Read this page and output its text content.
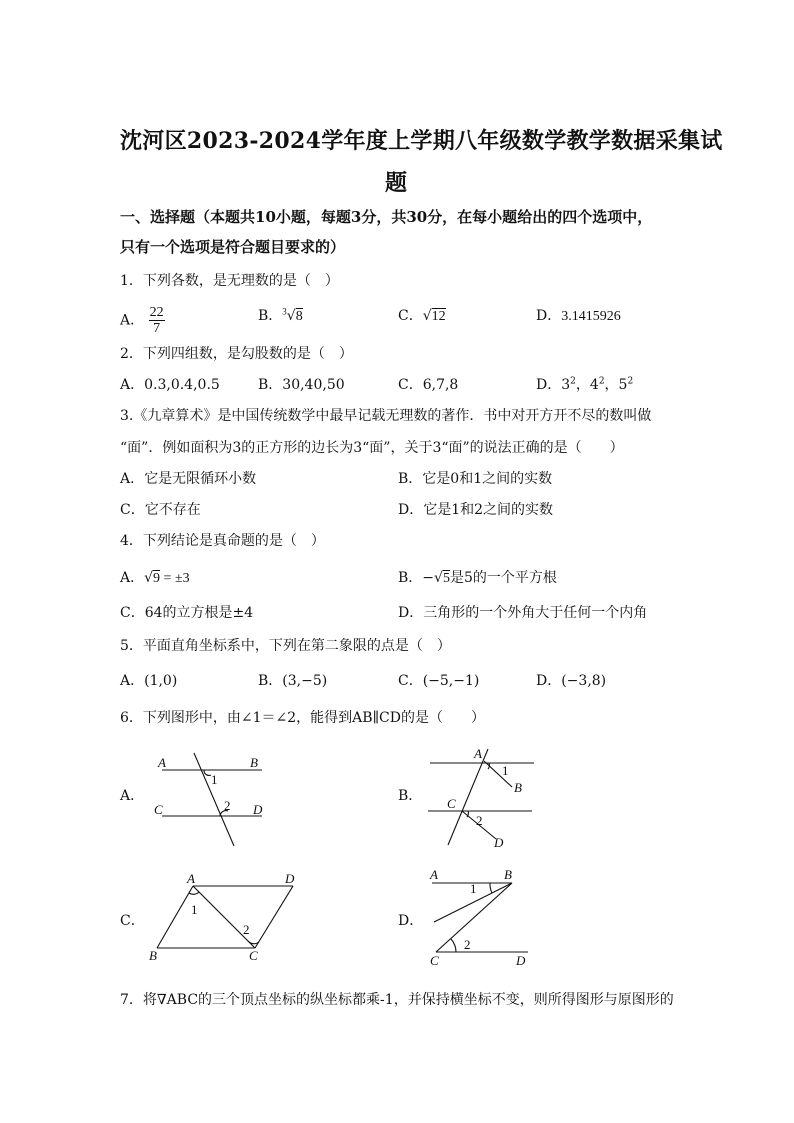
沈河区2023-2024学年度上学期八年级数学教学数据采集试
题
一、选择题（本题共10小题，每题3分，共30分，在每小题给出的四个选项中，
只有一个选项是符合题目要求的）
1．下列各数，是无理数的是（　）
A． $\frac{22}{7}$	B．$^3$√8	C．√12	D．3.1415926
2．下列四组数，是勾股数的是（　）
A．0.3,0.4,0.5	B．30,40,50	C．6,7,8	D．$3^2$，$4^2$，$5^2$
3.《九章算术》是中国传统数学中最早记载无理数的著作．书中对开方开不尽的数叫做
“面”．例如面积为3的正方形的边长为3“面”，关于3“面”的说法正确的是（　　）
A．它是无限循环小数	B．它是0和1之间的实数
C．它不存在	D．它是1和2之间的实数
4．下列结论是真命题的是（　）
A．√9 = ±3	B．−√5是5的一个平方根
C．64的立方根是±4	D．三角形的一个外角大于任何一个内角
5．平面直角坐标系中，下列在第二象限的点是（　）
A．(1,0)	B．(3,−5)	C．(−5,−1)	D．(−3,8)
6．下列图形中，由∠1＝∠2，能得到AB∥CD的是（　　）
A．	B．
C．	D．
A	B
C	D
1
2
A
B
C
D
1
2
A	D
B	C
1
2
A	B
C	D
1
2
7．将∇ABC的三个顶点坐标的纵坐标都乘-1，并保持横坐标不变，则所得图形与原图形的
